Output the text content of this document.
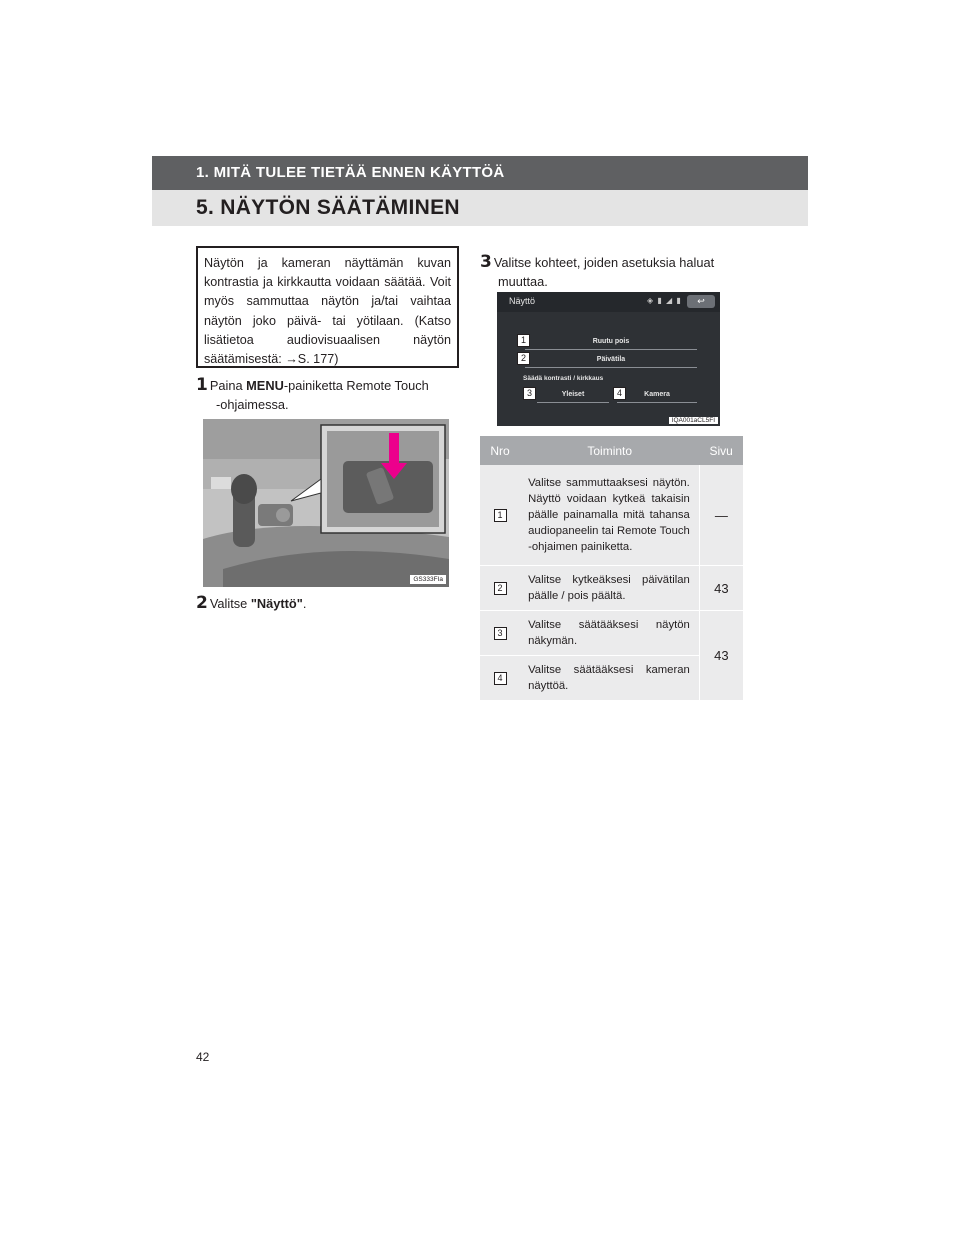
1. MITÄ TULEE TIETÄÄ ENNEN KÄYTTÖÄ
5. NÄYTÖN SÄÄTÄMINEN
Näytön ja kameran näyttämän kuvan kontrastia ja kirkkautta voidaan säätää. Voit myös sammuttaa näytön ja/tai vaihtaa näytön joko päivä- tai yötilaan. (Katso lisätietoa audiovisuaalisen näytön säätämisestä: →S. 177)
1 Paina MENU-painiketta Remote Touch
-ohjaimessa.
GS333FIa
2 Valitse "Näyttö".
3 Valitse kohteet, joiden asetuksia haluat
muuttaa.
Näyttö	◈ ▮ ◢ ▮	↩
Ruutu pois
Päivätila
Säädä kontrasti / kirkkaus
Yleiset	Kamera
1
2
3	4
IQA001aCL5FI
Nro	Toiminto	Sivu
1	Valitse sammuttaaksesi näytön. Näyttö voidaan kytkeä takaisin päälle painamalla mitä tahansa audiopaneelin tai Remote Touch -ohjaimen painiketta.	—
2	Valitse kytkeäksesi päivätilan päälle / pois päältä.	43
3	Valitse säätääksesi näytön näkymän.	43
4	Valitse säätääksesi kameran näyttöä.	
42
